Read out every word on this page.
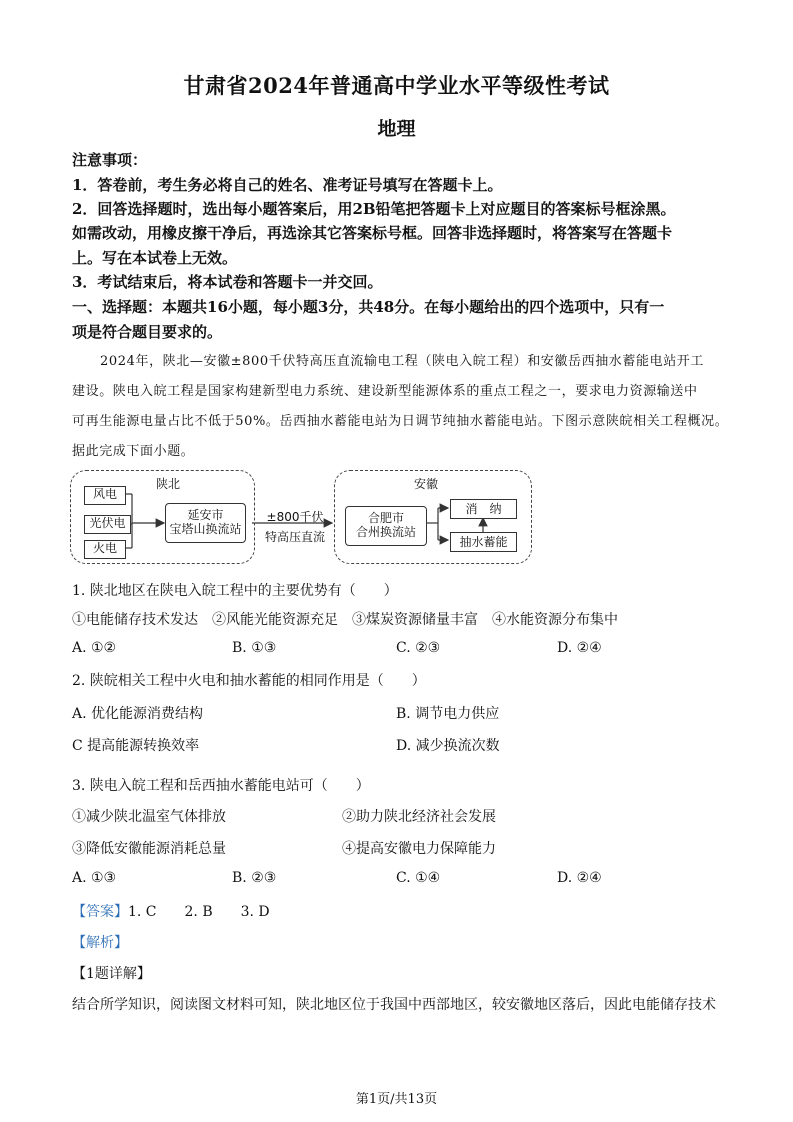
甘肃省2024年普通高中学业水平等级性考试
地理
注意事项：
1．答卷前，考生务必将自己的姓名、准考证号填写在答题卡上。
2．回答选择题时，选出每小题答案后，用2B铅笔把答题卡上对应题目的答案标号框涂黑。
如需改动，用橡皮擦干净后，再选涂其它答案标号框。回答非选择题时，将答案写在答题卡
上。写在本试卷上无效。
3．考试结束后，将本试卷和答题卡一并交回。
一、选择题：本题共16小题，每小题3分，共48分。在每小题给出的四个选项中，只有一
项是符合题目要求的。
2024年，陕北—安徽±800千伏特高压直流输电工程（陕电入皖工程）和安徽岳西抽水蓄能电站开工
建设。陕电入皖工程是国家构建新型电力系统、建设新型能源体系的重点工程之一，要求电力资源输送中
可再生能源电量占比不低于50%。岳西抽水蓄能电站为日调节纯抽水蓄能电站。下图示意陕皖相关工程概况。
据此完成下面小题。
陕北
风电
光伏电
火电
延安市
宝塔山换流站
±800千伏
特高压直流
安徽
合肥市
合州换流站
消　纳
抽水蓄能
1. 陕北地区在陕电入皖工程中的主要优势有（　　）
①电能储存技术发达　②风能光能资源充足　③煤炭资源储量丰富　④水能资源分布集中
A. ①②	B. ①③	C. ②③	D. ②④
2. 陕皖相关工程中火电和抽水蓄能的相同作用是（　　）
A. 优化能源消费结构	B. 调节电力供应
C 提高能源转换效率	D. 减少换流次数
3. 陕电入皖工程和岳西抽水蓄能电站可（　　）
①减少陕北温室气体排放	②助力陕北经济社会发展
③降低安徽能源消耗总量	④提高安徽电力保障能力
A. ①③	B. ②③	C. ①④	D. ②④
【答案】1. C　　2. B　　3. D
【解析】
【1题详解】
结合所学知识，阅读图文材料可知，陕北地区位于我国中西部地区，较安徽地区落后，因此电能储存技术
第1页/共13页
